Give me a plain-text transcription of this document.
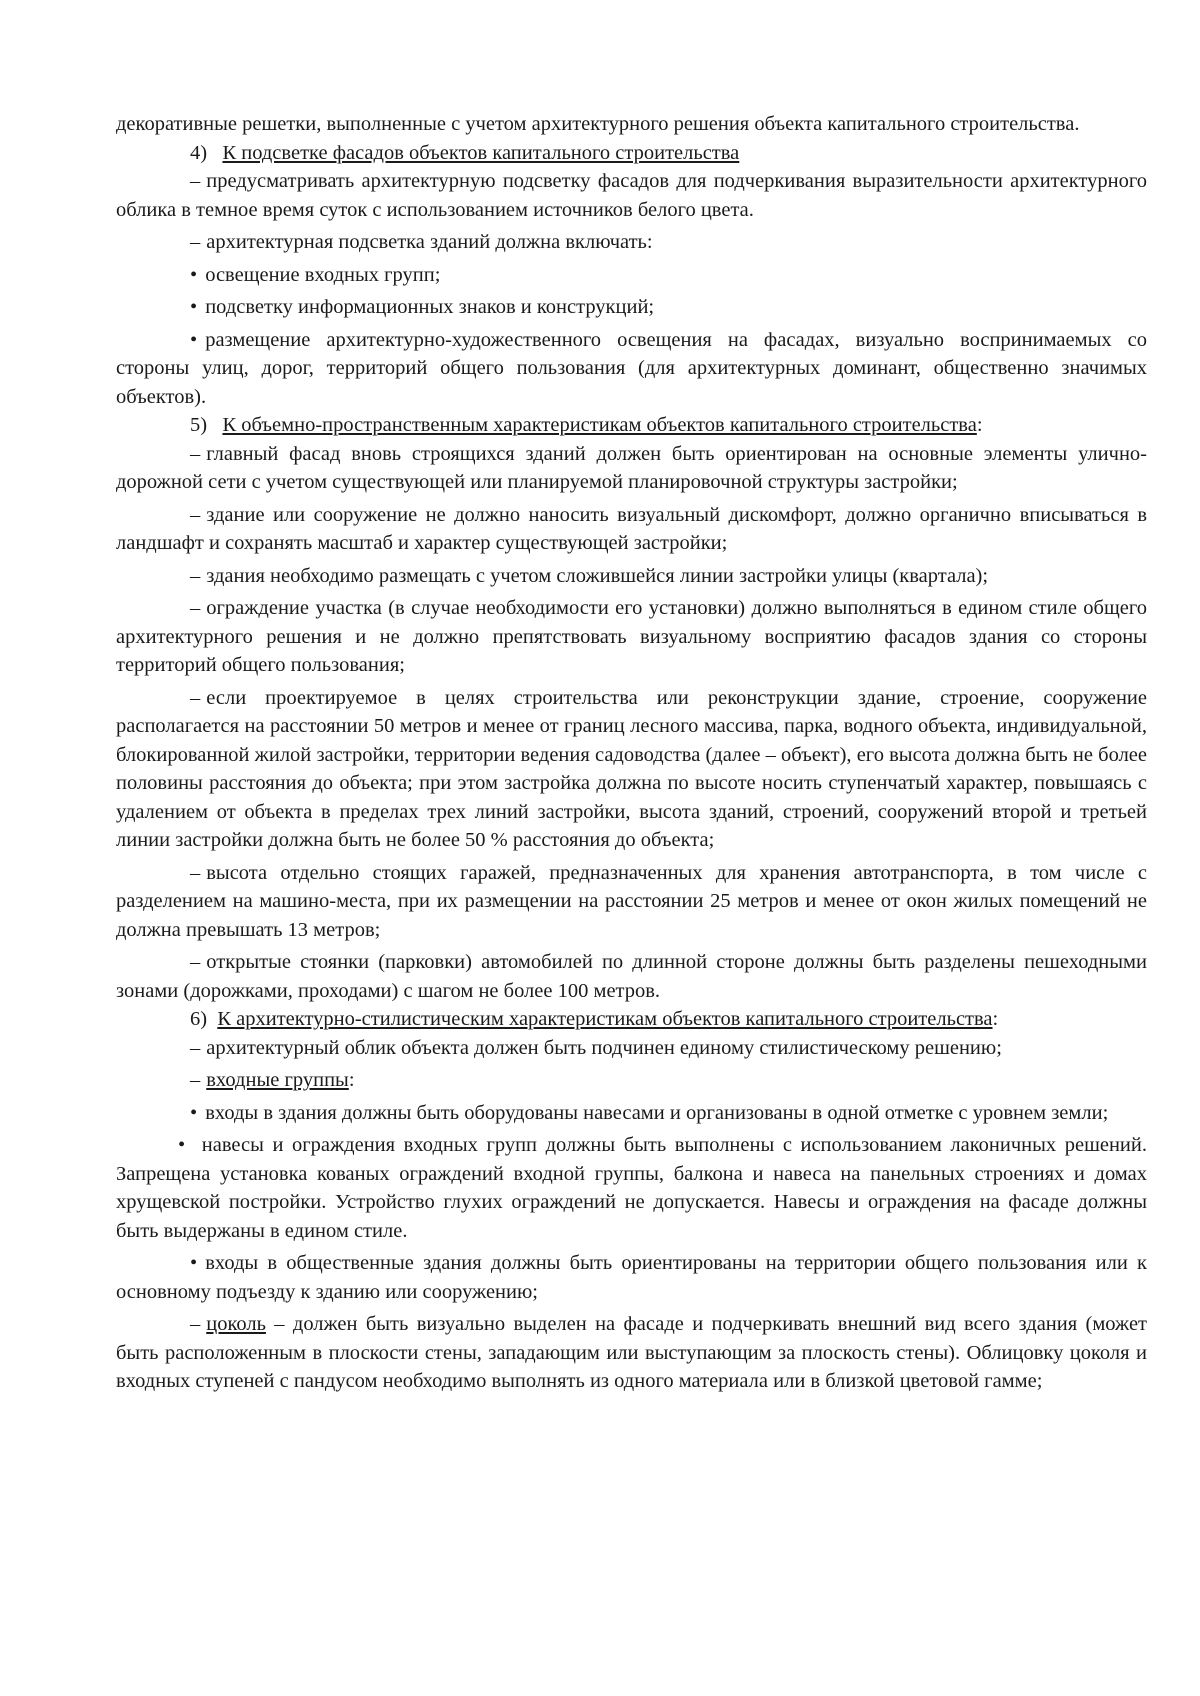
декоративные решетки, выполненные с учетом архитектурного решения объекта капитального строительства.

4) К подсветке фасадов объектов капитального строительства

– предусматривать архитектурную подсветку фасадов для подчеркивания выразительности архитектурного облика в темное время суток с использованием источников белого цвета.

– архитектурная подсветка зданий должна включать:

• освещение входных групп;

• подсветку информационных знаков и конструкций;

• размещение архитектурно-художественного освещения на фасадах, визуально воспринимаемых со стороны улиц, дорог, территорий общего пользования (для архитектурных доминант, общественно значимых объектов).

5) К объемно-пространственным характеристикам объектов капитального строительства:

– главный фасад вновь строящихся зданий должен быть ориентирован на основные элементы улично-дорожной сети с учетом существующей или планируемой планировочной структуры застройки;

– здание или сооружение не должно наносить визуальный дискомфорт, должно органично вписываться в ландшафт и сохранять масштаб и характер существующей застройки;

– здания необходимо размещать с учетом сложившейся линии застройки улицы (квартала);

– ограждение участка (в случае необходимости его установки) должно выполняться в едином стиле общего архитектурного решения и не должно препятствовать визуальному восприятию фасадов здания со стороны территорий общего пользования;

– если проектируемое в целях строительства или реконструкции здание, строение, сооружение располагается на расстоянии 50 метров и менее от границ лесного массива, парка, водного объекта, индивидуальной, блокированной жилой застройки, территории ведения садоводства (далее – объект), его высота должна быть не более половины расстояния до объекта; при этом застройка должна по высоте носить ступенчатый характер, повышаясь с удалением от объекта в пределах трех линий застройки, высота зданий, строений, сооружений второй и третьей линии застройки должна быть не более 50 % расстояния до объекта;

– высота отдельно стоящих гаражей, предназначенных для хранения автотранспорта, в том числе с разделением на машино-места, при их размещении на расстоянии 25 метров и менее от окон жилых помещений не должна превышать 13 метров;

– открытые стоянки (парковки) автомобилей по длинной стороне должны быть разделены пешеходными зонами (дорожками, проходами) с шагом не более 100 метров.

6) К архитектурно-стилистическим характеристикам объектов капитального строительства:

– архитектурный облик объекта должен быть подчинен единому стилистическому решению;

– входные группы:

• входы в здания должны быть оборудованы навесами и организованы в одной отметке с уровнем земли;

• навесы и ограждения входных групп должны быть выполнены с использованием лаконичных решений. Запрещена установка кованых ограждений входной группы, балкона и навеса на панельных строениях и домах хрущевской постройки. Устройство глухих ограждений не допускается. Навесы и ограждения на фасаде должны быть выдержаны в едином стиле.

• входы в общественные здания должны быть ориентированы на территории общего пользования или к основному подъезду к зданию или сооружению;

– цоколь – должен быть визуально выделен на фасаде и подчеркивать внешний вид всего здания (может быть расположенным в плоскости стены, западающим или выступающим за плоскость стены). Облицовку цоколя и входных ступеней с пандусом необходимо выполнять из одного материала или в близкой цветовой гамме;
